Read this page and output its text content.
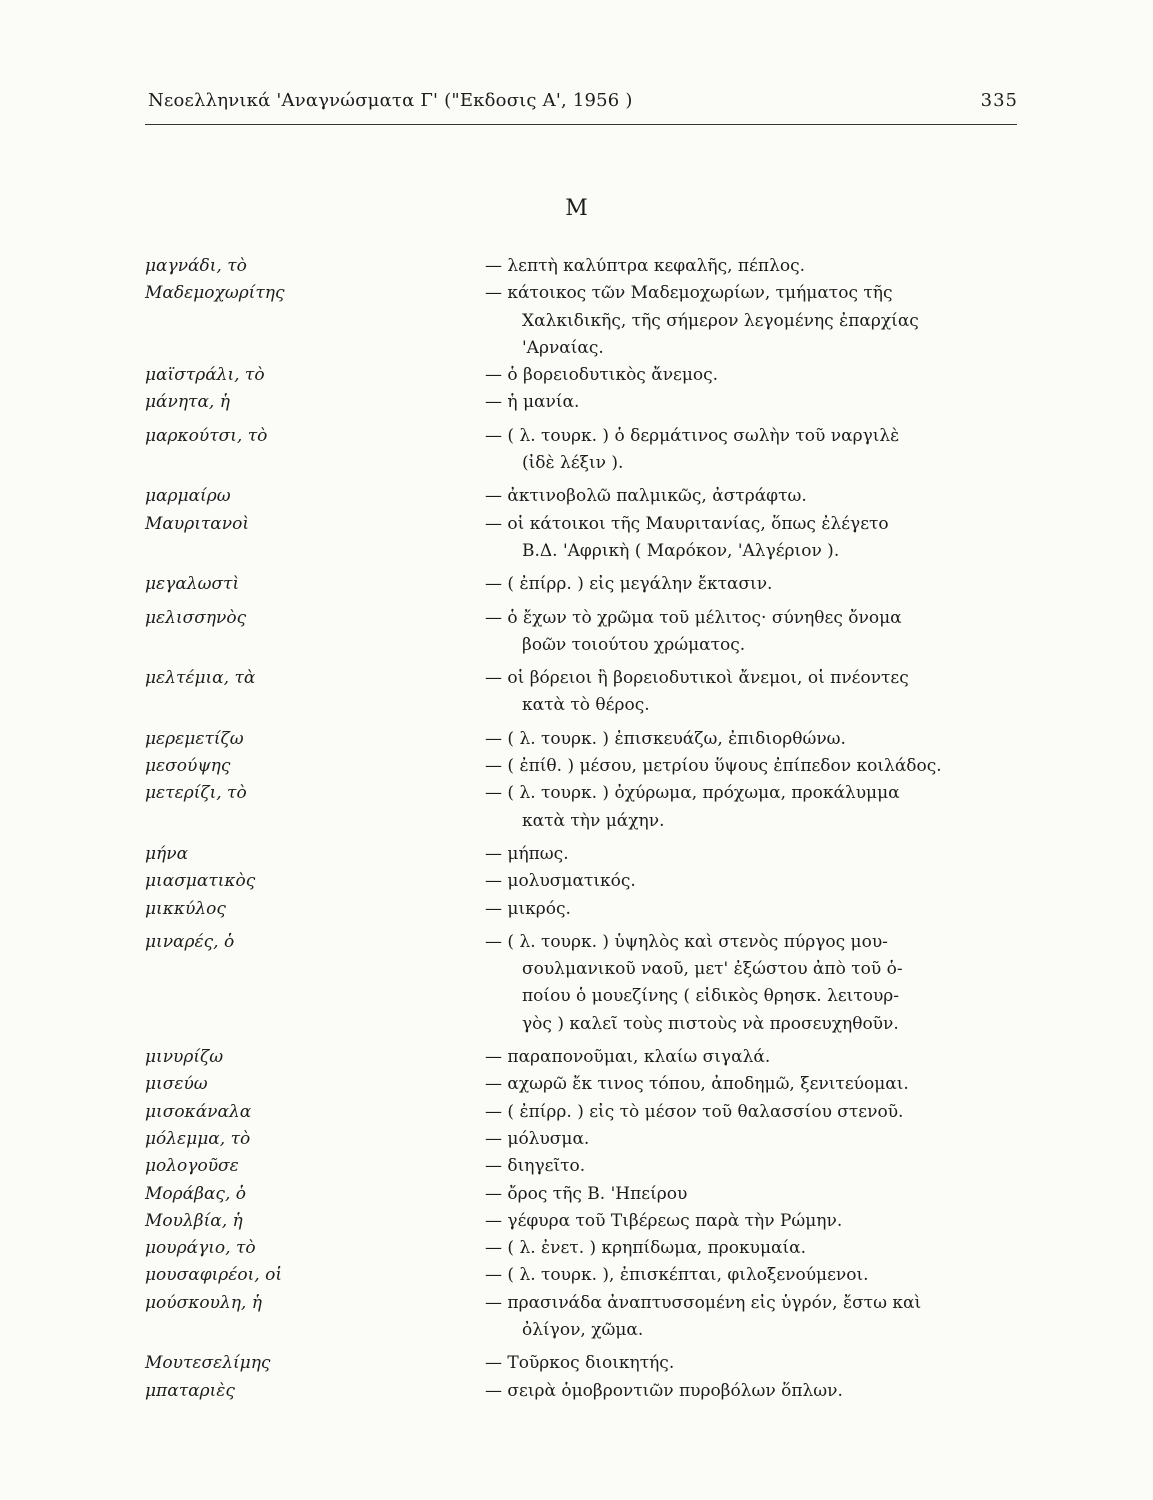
Νεοελληνικά 'Αναγνώσματα Γ' ("Εκδοσις Α', 1956 )	335
Μ
μαγνάδι, τὸ	— λεπτὴ καλύπτρα κεφαλῆς, πέπλος.
Μαδεμοχωρίτης	— κάτοικος τῶν Μαδεμοχωρίων, τμήματος τῆς
Χαλκιδικῆς, τῆς σήμερον λεγομένης ἐπαρχίας
'Αρναίας.
μαϊστράλι, τὸ	— ὁ βορειοδυτικὸς ἄνεμος.
μάνητα, ἡ	— ἡ μανία.
μαρκούτσι, τὸ	— ( λ. τουρκ. ) ὁ δερμάτινος σωλὴν τοῦ ναργιλὲ
(ἰδὲ λέξιν ).
μαρμαίρω	— ἀκτινοβολῶ παλμικῶς, ἀστράφτω.
Μαυριτανοὶ	— οἱ κάτοικοι τῆς Μαυριτανίας, ὅπως ἐλέγετο
Β.Δ. 'Αφρικὴ ( Μαρόκον, 'Αλγέριον ).
μεγαλωστὶ	— ( ἐπίρρ. ) εἰς μεγάλην ἔκτασιν.
μελισσηνὸς	— ὁ ἔχων τὸ χρῶμα τοῦ μέλιτος· σύνηθες ὄνομα
βοῶν τοιούτου χρώματος.
μελτέμια, τὰ	— οἱ βόρειοι ἢ βορειοδυτικοὶ ἄνεμοι, οἱ πνέοντες
κατὰ τὸ θέρος.
μερεμετίζω	— ( λ. τουρκ. ) ἐπισκευάζω, ἐπιδιορθώνω.
μεσούψης	— ( ἐπίθ. ) μέσου, μετρίου ὕψους ἐπίπεδον κοιλάδος.
μετερίζι, τὸ	— ( λ. τουρκ. ) ὀχύρωμα, πρόχωμα, προκάλυμμα
κατὰ τὴν μάχην.
μήνα	— μήπως.
μιασματικὸς	— μολυσματικός.
μικκύλος	— μικρός.
μιναρές, ὁ	— ( λ. τουρκ. ) ὑψηλὸς καὶ στενὸς πύργος μου-
σουλμανικοῦ ναοῦ, μετ' ἐξώστου ἀπὸ τοῦ ὁ-
ποίου ὁ μουεζίνης ( εἰδικὸς θρησκ. λειτουρ-
γὸς ) καλεῖ τοὺς πιστοὺς νὰ προσευχηθοῦν.
μινυρίζω	— παραπονοῦμαι, κλαίω σιγαλά.
μισεύω	— αχωρῶ ἔκ τινος τόπου, ἀποδημῶ, ξενιτεύομαι.
μισοκάναλα	— ( ἐπίρρ. ) εἰς τὸ μέσον τοῦ θαλασσίου στενοῦ.
μόλεμμα, τὸ	— μόλυσμα.
μολογοῦσε	— διηγεῖτο.
Μοράβας, ὁ	— ὄρος τῆς Β. 'Ηπείρου
Μουλβία, ἡ	— γέφυρα τοῦ Τιβέρεως παρὰ τὴν Ρώμην.
μουράγιο, τὸ	— ( λ. ἐνετ. ) κρηπίδωμα, προκυμαία.
μουσαφιρέοι, οἱ	— ( λ. τουρκ. ), ἐπισκέπται, φιλοξενούμενοι.
μούσκουλη, ἡ	— πρασινάδα ἀναπτυσσομένη εἰς ὑγρόν, ἔστω καὶ
ὀλίγον, χῶμα.
Μουτεσελίμης	— Τοῦρκος διοικητής.
μπαταριὲς	— σειρὰ ὁμοβροντιῶν πυροβόλων ὅπλων.
